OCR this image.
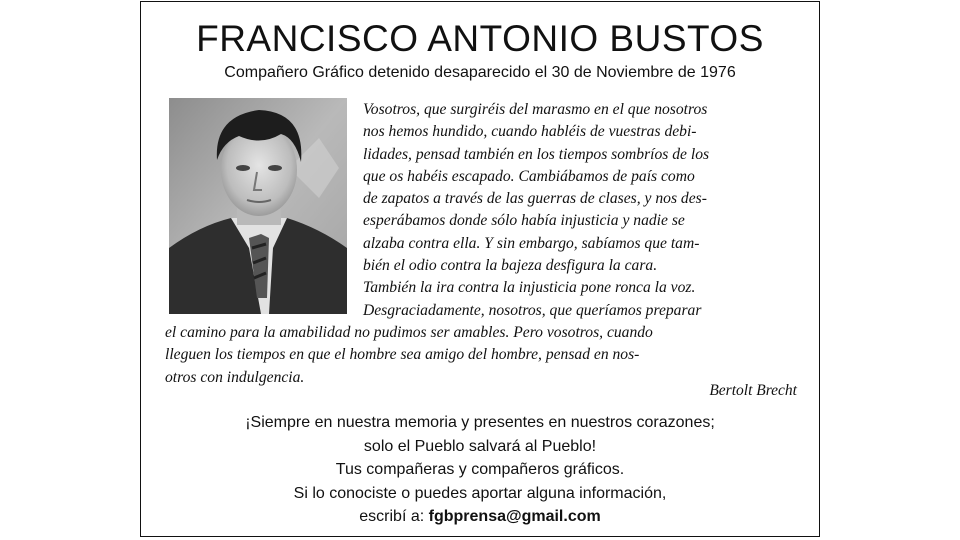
FRANCISCO ANTONIO BUSTOS
Compañero Gráfico detenido desaparecido el 30 de Noviembre de 1976
Vosotros, que surgiréis del marasmo en el que nosotros
nos hemos hundido, cuando habléis de vuestras debi-
lidades, pensad también en los tiempos sombríos de los
que os habéis escapado. Cambiábamos de país como
de zapatos a través de las guerras de clases, y nos des-
esperábamos donde sólo había injusticia y nadie se
alzaba contra ella. Y sin embargo, sabíamos que tam-
bién el odio contra la bajeza desfigura la cara.
También la ira contra la injusticia pone ronca la voz.
Desgraciadamente, nosotros, que queríamos preparar
el camino para la amabilidad no pudimos ser amables. Pero vosotros, cuando
lleguen los tiempos en que el hombre sea amigo del hombre, pensad en nos-
otros con indulgencia.
Bertolt Brecht
¡Siempre en nuestra memoria y presentes en nuestros corazones;
solo el Pueblo salvará al Pueblo!
Tus compañeras y compañeros gráficos.
Si lo conociste o puedes aportar alguna información,
escribí a: fgbprensa@gmail.com
